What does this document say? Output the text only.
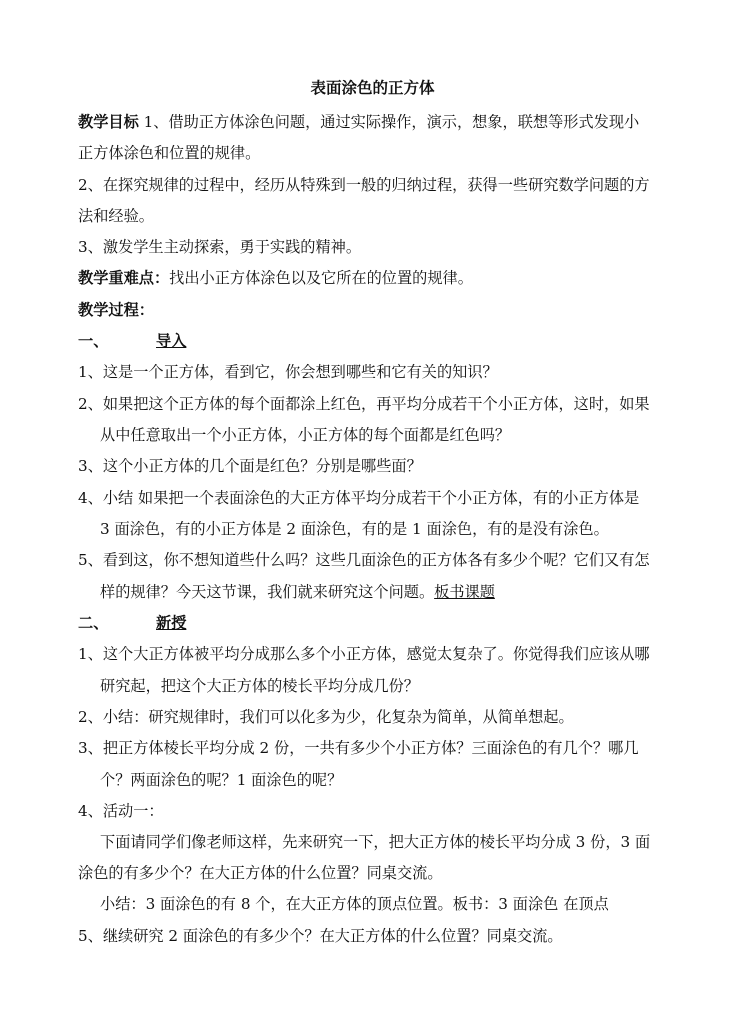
表面涂色的正方体
教学目标 1、借助正方体涂色问题，通过实际操作，演示，想象，联想等形式发现小
正方体涂色和位置的规律。
2、在探究规律的过程中，经历从特殊到一般的归纳过程，获得一些研究数学问题的方
法和经验。
3、激发学生主动探索，勇于实践的精神。
教学重难点：找出小正方体涂色以及它所在的位置的规律。
教学过程：
一、	导入
1、这是一个正方体，看到它，你会想到哪些和它有关的知识？
2、如果把这个正方体的每个面都涂上红色，再平均分成若干个小正方体，这时，如果
从中任意取出一个小正方体，小正方体的每个面都是红色吗？
3、这个小正方体的几个面是红色？分别是哪些面？
4、小结 如果把一个表面涂色的大正方体平均分成若干个小正方体，有的小正方体是
3 面涂色，有的小正方体是 2 面涂色，有的是 1 面涂色，有的是没有涂色。
5、看到这，你不想知道些什么吗？这些几面涂色的正方体各有多少个呢？它们又有怎
样的规律？今天这节课，我们就来研究这个问题。板书课题
二、	新授
1、这个大正方体被平均分成那么多个小正方体，感觉太复杂了。你觉得我们应该从哪
研究起，把这个大正方体的棱长平均分成几份？
2、小结：研究规律时，我们可以化多为少，化复杂为简单，从简单想起。
3、把正方体棱长平均分成 2 份，一共有多少个小正方体？三面涂色的有几个？哪几
个？两面涂色的呢？1 面涂色的呢？
4、活动一：
下面请同学们像老师这样，先来研究一下，把大正方体的棱长平均分成 3 份，3 面
涂色的有多少个？在大正方体的什么位置？同桌交流。
小结：3 面涂色的有 8 个，在大正方体的顶点位置。板书：3 面涂色 在顶点
5、继续研究 2 面涂色的有多少个？在大正方体的什么位置？同桌交流。
